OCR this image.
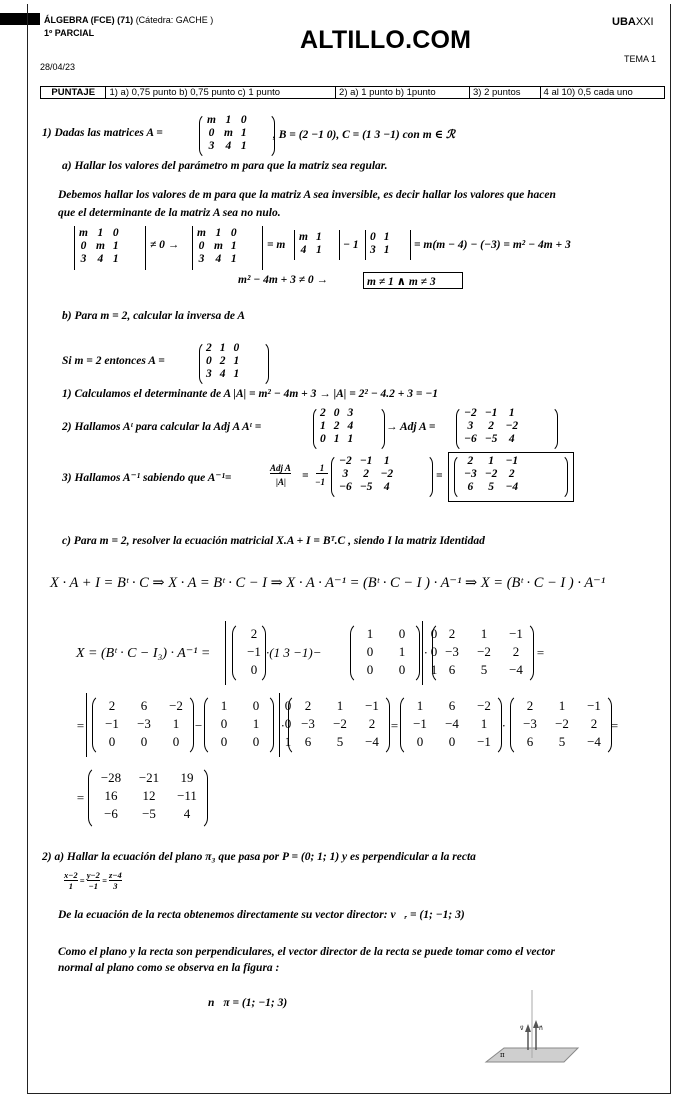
ÁLGEBRA (FCE) (71) (Cátedra: GACHE )
1º PARCIAL	ALTILLO.COM
UBAXXI
TEMA 1
28/04/23
PUNTAJE	1) a) 0,75 punto b) 0,75 punto c) 1 punto	2) a) 1 punto b) 1punto	3) 2 puntos	4 al 10) 0,5 cada uno
1) Dadas las matrices A =
m	1	0
0	m	1
3	4	1
, B = (2 −1 0), C = (1 3 −1) con m ∈ ℛ
a) Hallar los valores del parámetro m para que la matriz sea regular.
Debemos hallar los valores de m para que la matriz A sea inversible, es decir hallar los valores que hacen
que el determinante de la matriz A sea no nulo.
m	1	0
0	m	1
3	4	1
≠ 0 →
m	1	0
0	m	1
3	4	1
= m
m	1
4	1 − 1
0	1
3	1 = m(m − 4) − (−3) = m² − 4m + 3
m² − 4m + 3 ≠ 0 →	m ≠ 1 ∧ m ≠ 3
b) Para m = 2, calcular la inversa de A
Si m = 2 entonces A =
2	1	0
0	2	1
3	4	1
1) Calculamos el determinante de A |A| = m² − 4m + 3 → |A| = 2² − 4.2 + 3 = −1
2) Hallamos Aᵗ para calcular la Adj A Aᵗ =
2	0	3
1	2	4
0	1	1
→ Adj A =
−2	−1	1
3	2	−2
−6	−5	4
3) Hallamos A⁻¹ sabiendo que A⁻¹=
Adj A
|A| =
1
−1
−2	−1	1
3	2	−2
−6	−5	4
=
2	1	−1
−3	−2	2
6	5	−4
c) Para m = 2, resolver la ecuación matricial X.A + I = Bᵀ.C , siendo I la matriz Identidad
X · A + I = Bᵗ · C ⇒ X · A = Bᵗ · C − I ⇒ X · A · A⁻¹ = (Bᵗ · C − I ) · A⁻¹ ⇒ X = (Bᵗ · C − I ) · A⁻¹
X = (Bᵗ · C − I₃) · A⁻¹ =
2
−1
0
·(1 3 −1)−
1	0	0
0	1	0
0	0	1
·
2	1	−1
−3	−2	2
6	5	−4
=
=
2	6	−2
−1	−3	1
0	0	0
−
1	0	0
0	1	0
0	0	1
·
2	1	−1
−3	−2	2
6	5	−4
=
1	6	−2
−1	−4	1
0	0	−1
·
2	1	−1
−3	−2	2
6	5	−4
=
=
−28	−21	19
16	12	−11
−6	−5	4
2) a) Hallar la ecuación del plano π₃ que pasa por P = (0; 1; 1) y es perpendicular a la recta
$\frac{x-2}{1} = \frac{y-2}{-1} = \frac{z-4}{3}$
De la ecuación de la recta obtenemos directamente su vector director: v⃗ᵣ = (1; −1; 3)
Como el plano y la recta son perpendiculares, el vector director de la recta se puede tomar como el vector
normal al plano como se observa en la figura :
n⃗π = (1; −1; 3)
v⃗	n⃗
π
